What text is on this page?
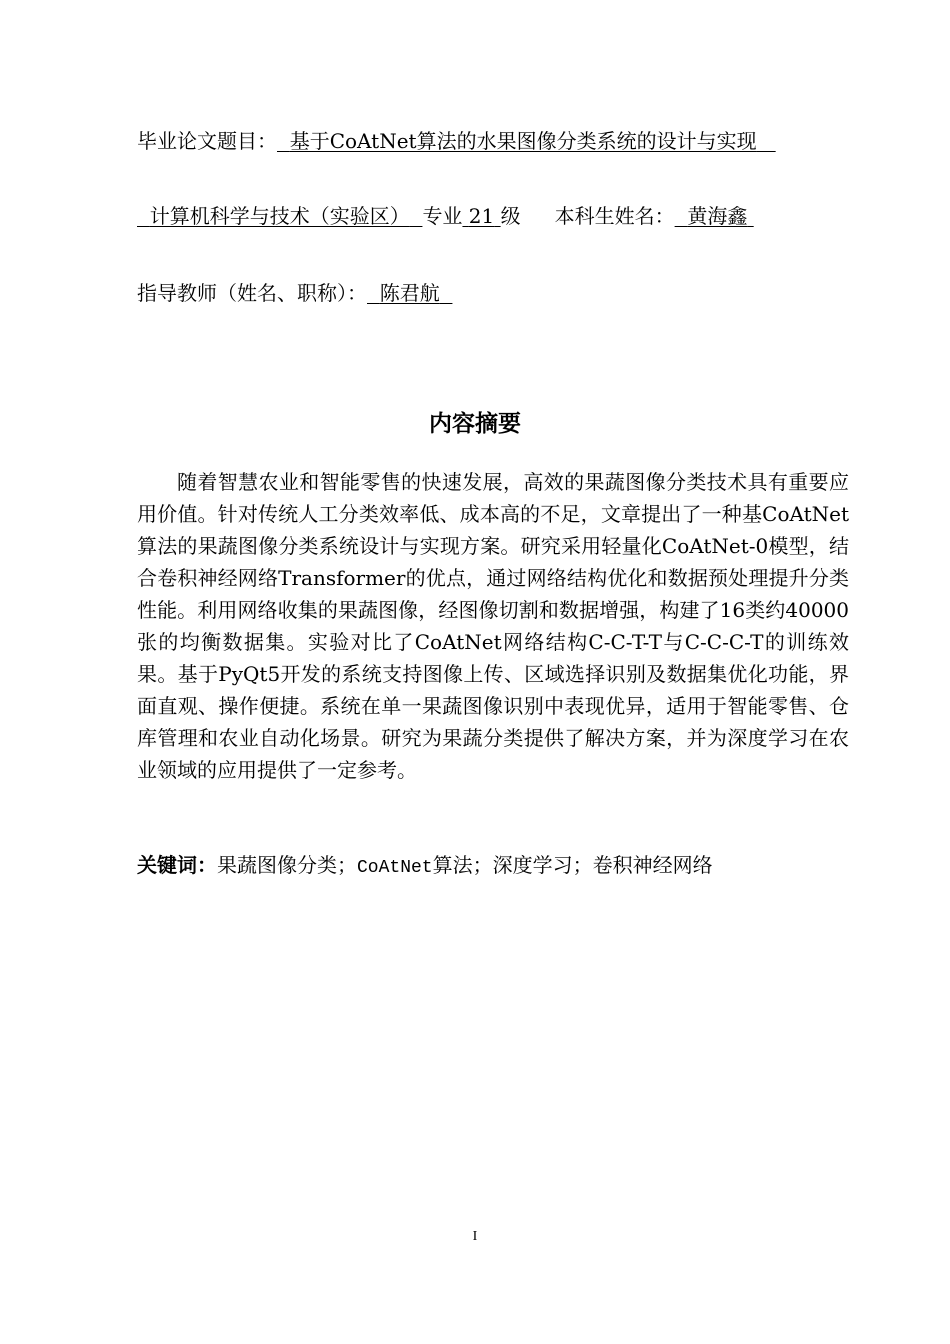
毕业论文题目： 基于CoAtNet算法的水果图像分类系统的设计与实现
计算机科学与技术（实验区） 专业 21 级 本科生姓名： 黄海鑫
指导教师（姓名、职称）： 陈君航
内容摘要

随着智慧农业和智能零售的快速发展，高效的果蔬图像分类技术具有重要应用价值。针对传统人工分类效率低、成本高的不足，文章提出了一种基CoAtNet算法的果蔬图像分类系统设计与实现方案。研究采用轻量化CoAtNet-0模型，结合卷积神经网络Transformer的优点，通过网络结构优化和数据预处理提升分类性能。利用网络收集的果蔬图像，经图像切割和数据增强，构建了16类约40000张的均衡数据集。实验对比了CoAtNet网络结构C-C-T-T与C-C-C-T的训练效果。基于PyQt5开发的系统支持图像上传、区域选择识别及数据集优化功能，界面直观、操作便捷。系统在单一果蔬图像识别中表现优异，适用于智能零售、仓库管理和农业自动化场景。研究为果蔬分类提供了解决方案，并为深度学习在农业领域的应用提供了一定参考。

关键词：果蔬图像分类；CoAtNet算法；深度学习；卷积神经网络
I
